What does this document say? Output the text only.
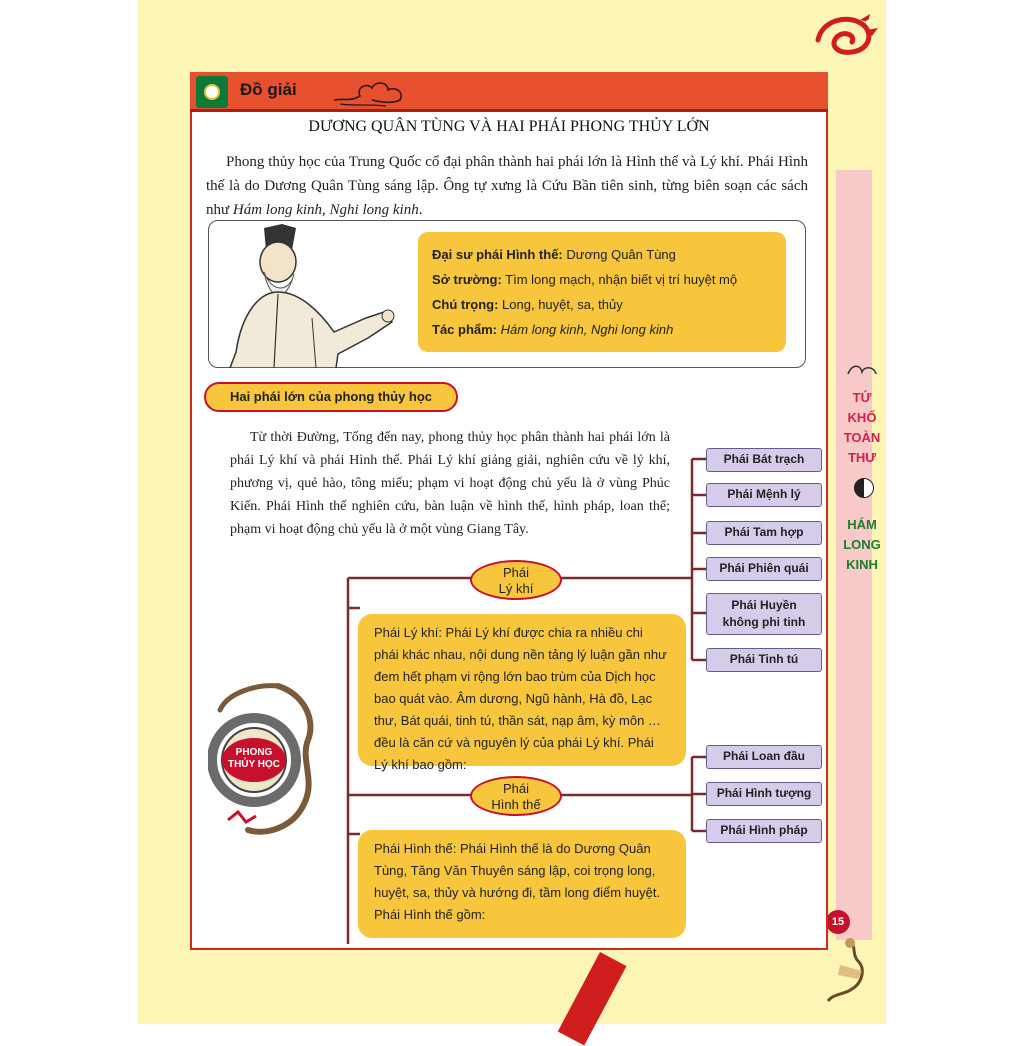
TỨ
KHỐ
TOÀN
THƯ
HÁM
LONG
KINH
15
Đồ giải
DƯƠNG QUÂN TÙNG VÀ HAI PHÁI PHONG THỦY LỚN
Phong thủy học của Trung Quốc cổ đại phân thành hai phái lớn là Hình thế và Lý khí. Phái Hình thế là do Dương Quân Tùng sáng lập. Ông tự xưng là Cứu Bần tiên sinh, từng biên soạn các sách như Hám long kinh, Nghi long kinh.
Đại sư phái Hình thế: Dương Quân Tùng
Sở trường: Tìm long mạch, nhận biết vị trí huyệt mộ
Chú trọng: Long, huyệt, sa, thủy
Tác phẩm: Hám long kinh, Nghi long kinh
Hai phái lớn của phong thủy học
Từ thời Đường, Tống đến nay, phong thủy học phân thành hai phái lớn là phái Lý khí và phái Hình thế. Phái Lý khí giảng giải, nghiên cứu về lý khí, phương vị, quẻ hào, tông miếu; phạm vi hoạt động chủ yếu là ở vùng Phúc Kiến. Phái Hình thế nghiên cứu, bàn luận về hình thế, hình pháp, loan thể; phạm vi hoạt động chủ yếu là ở một vùng Giang Tây.
Phái
Lý khí
Phái Lý khí: Phái Lý khí được chia ra nhiều chi phái khác nhau, nội dung nền tảng lý luận gần như đem hết phạm vi rộng lớn bao trùm của Dịch học bao quát vào. Âm dương, Ngũ hành, Hà đồ, Lạc thư, Bát quái, tinh tú, thần sát, nạp âm, kỳ môn … đều là căn cứ và nguyên lý của phái Lý khí. Phái Lý khí bao gồm:
Phái Bát trạch
Phái Mệnh lý
Phái Tam hợp
Phái Phiên quái
Phái Huyền không phi tinh
Phái Tinh tú
Phái
Hình thế
Phái Hình thế: Phái Hình thế là do Dương Quân Tùng, Tăng Văn Thuyên sáng lập, coi trọng long, huyệt, sa, thủy và hướng đi, tầm long điểm huyệt. Phái Hình thế gồm:
Phái Loan đầu
Phái Hình tượng
Phái Hình pháp
PHONG THỦY HỌC
